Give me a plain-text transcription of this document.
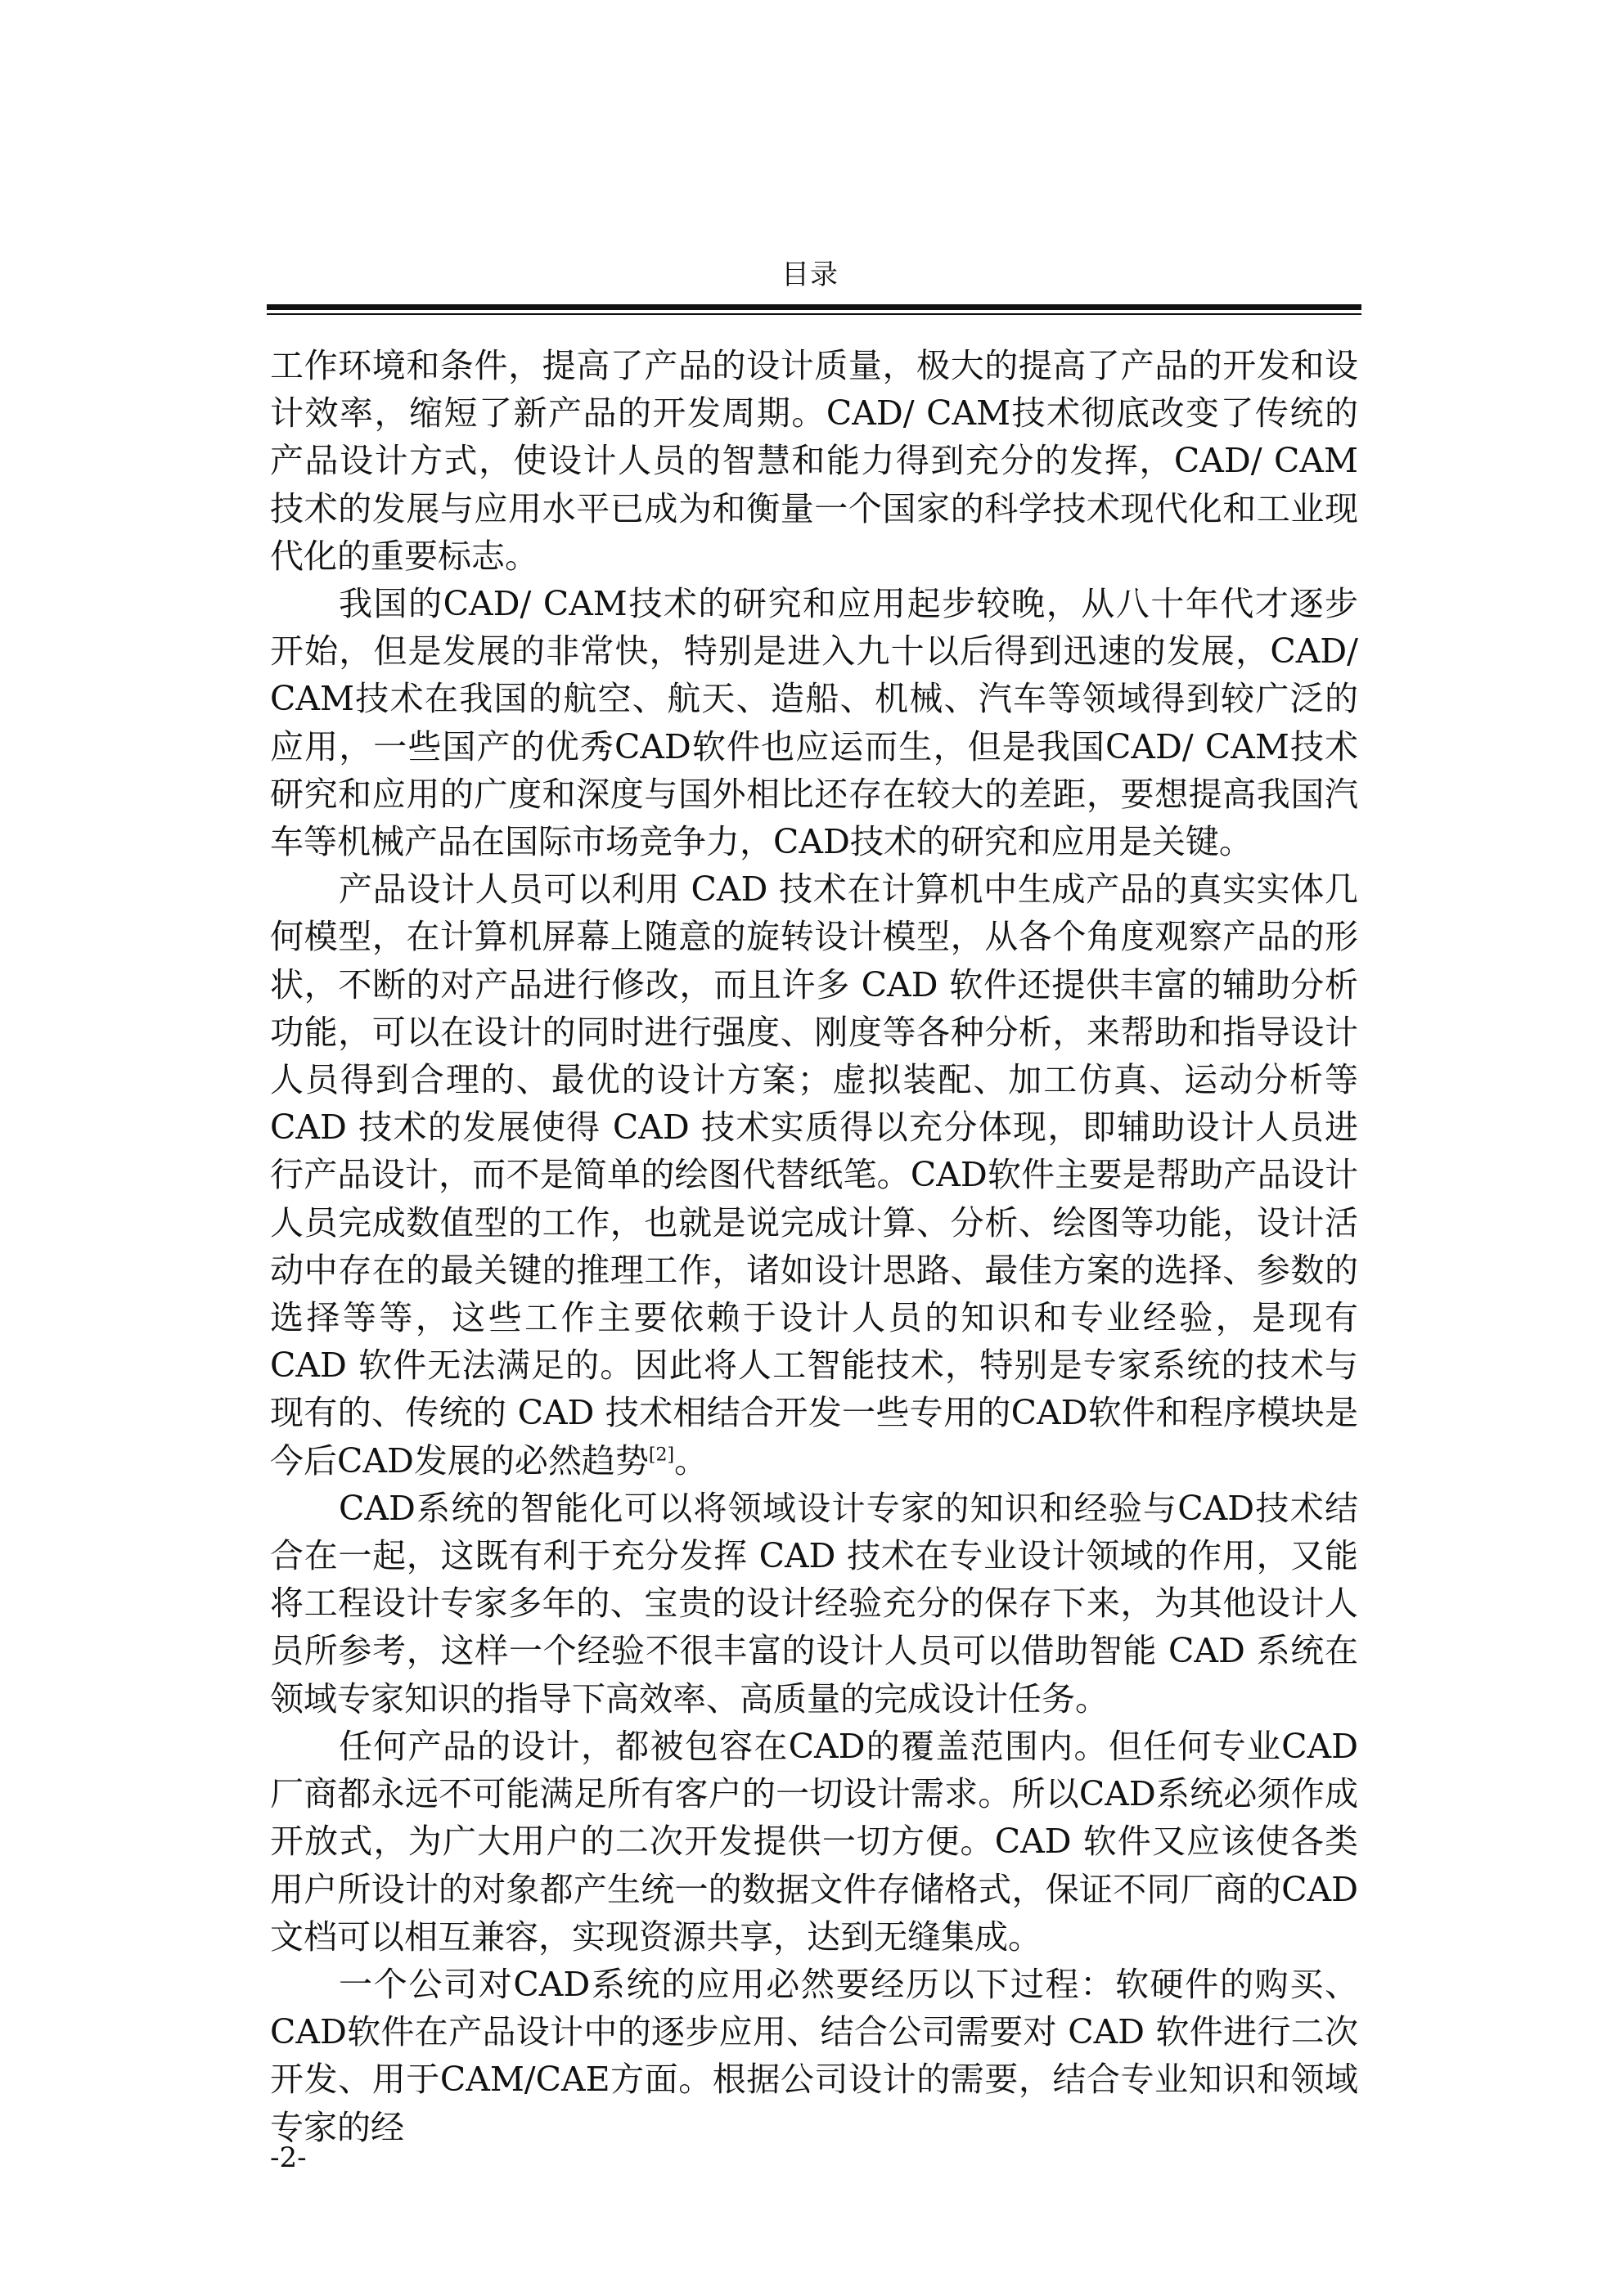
目录

工作环境和条件，提高了产品的设计质量，极大的提高了产品的开发和设计效率，缩短了新产品的开发周期。CAD/ CAM技术彻底改变了传统的产品设计方式，使设计人员的智慧和能力得到充分的发挥，CAD/ CAM技术的发展与应用水平已成为和衡量一个国家的科学技术现代化和工业现代化的重要标志。

我国的CAD/ CAM技术的研究和应用起步较晚，从八十年代才逐步开始，但是发展的非常快，特别是进入九十以后得到迅速的发展，CAD/ CAM技术在我国的航空、航天、造船、机械、汽车等领域得到较广泛的应用，一些国产的优秀CAD软件也应运而生，但是我国CAD/ CAM技术研究和应用的广度和深度与国外相比还存在较大的差距，要想提高我国汽车等机械产品在国际市场竞争力，CAD技术的研究和应用是关键。

产品设计人员可以利用 CAD 技术在计算机中生成产品的真实实体几何模型，在计算机屏幕上随意的旋转设计模型，从各个角度观察产品的形状，不断的对产品进行修改，而且许多 CAD 软件还提供丰富的辅助分析功能，可以在设计的同时进行强度、刚度等各种分析，来帮助和指导设计人员得到合理的、最优的设计方案；虚拟装配、加工仿真、运动分析等 CAD 技术的发展使得 CAD 技术实质得以充分体现，即辅助设计人员进行产品设计，而不是简单的绘图代替纸笔。CAD软件主要是帮助产品设计人员完成数值型的工作，也就是说完成计算、分析、绘图等功能，设计活动中存在的最关键的推理工作，诸如设计思路、最佳方案的选择、参数的选择等等，这些工作主要依赖于设计人员的知识和专业经验，是现有 CAD 软件无法满足的。因此将人工智能技术，特别是专家系统的技术与现有的、传统的 CAD 技术相结合开发一些专用的CAD软件和程序模块是今后CAD发展的必然趋势[2]。

CAD系统的智能化可以将领域设计专家的知识和经验与CAD技术结合在一起，这既有利于充分发挥 CAD 技术在专业设计领域的作用，又能将工程设计专家多年的、宝贵的设计经验充分的保存下来，为其他设计人员所参考，这样一个经验不很丰富的设计人员可以借助智能 CAD 系统在领域专家知识的指导下高效率、高质量的完成设计任务。

任何产品的设计，都被包容在CAD的覆盖范围内。但任何专业CAD厂商都永远不可能满足所有客户的一切设计需求。所以CAD系统必须作成开放式，为广大用户的二次开发提供一切方便。CAD 软件又应该使各类用户所设计的对象都产生统一的数据文件存储格式，保证不同厂商的CAD文档可以相互兼容，实现资源共享，达到无缝集成。

一个公司对CAD系统的应用必然要经历以下过程：软硬件的购买、CAD软件在产品设计中的逐步应用、结合公司需要对 CAD 软件进行二次开发、用于CAM/CAE方面。根据公司设计的需要，结合专业知识和领域专家的经

-2-
